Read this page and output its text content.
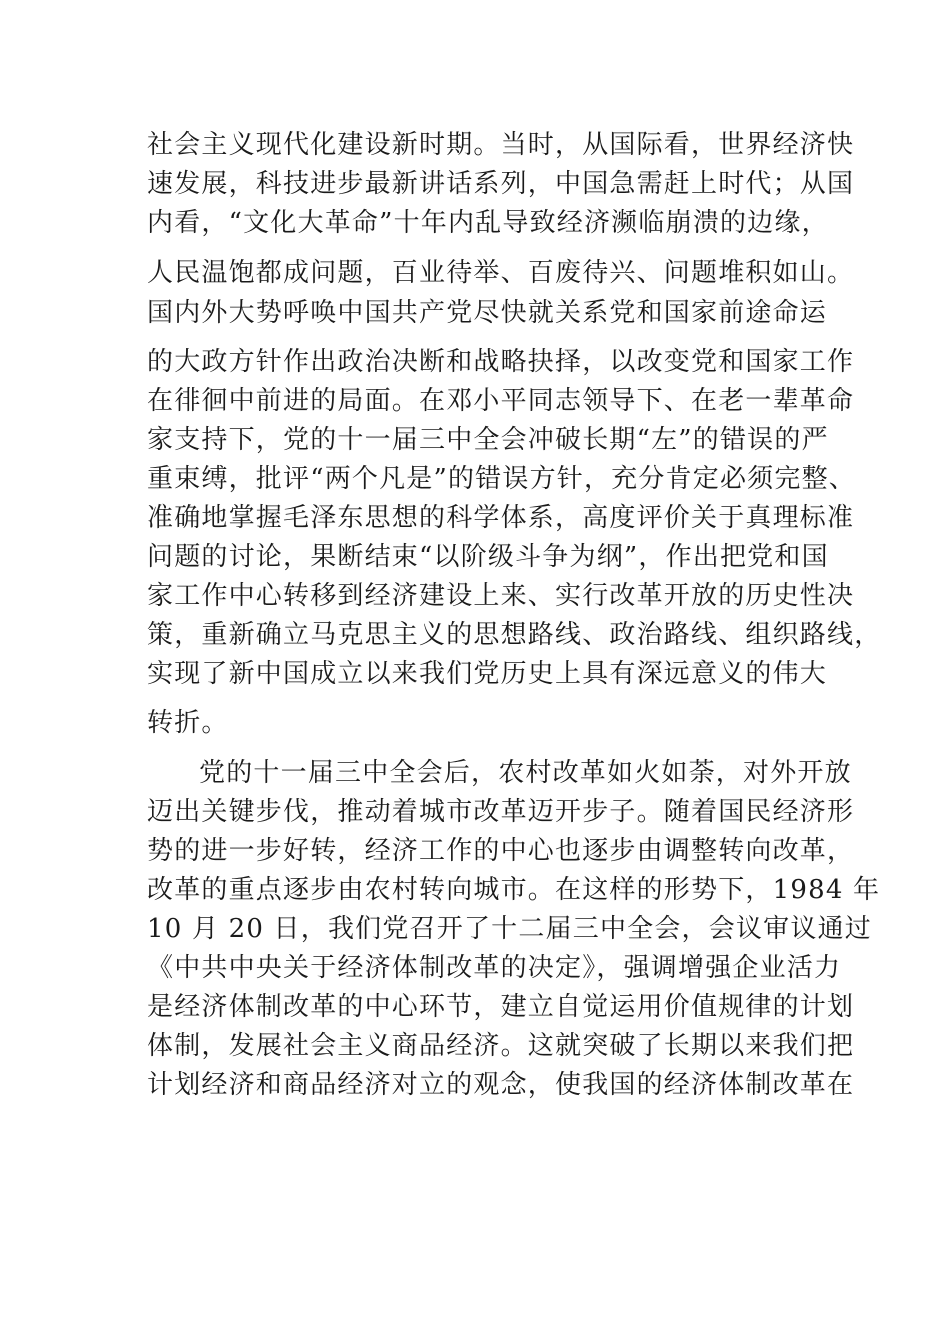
社会主义现代化建设新时期。当时，从国际看，世界经济快
速发展，科技进步最新讲话系列，中国急需赶上时代；从国
内看，“文化大革命”十年内乱导致经济濒临崩溃的边缘，
人民温饱都成问题，百业待举、百废待兴、问题堆积如山。
国内外大势呼唤中国共产党尽快就关系党和国家前途命运
的大政方针作出政治决断和战略抉择，以改变党和国家工作
在徘徊中前进的局面。在邓小平同志领导下、在老一辈革命
家支持下，党的十一届三中全会冲破长期“左”的错误的严
重束缚，批评“两个凡是”的错误方针，充分肯定必须完整、
准确地掌握毛泽东思想的科学体系，高度评价关于真理标准
问题的讨论，果断结束“以阶级斗争为纲”，作出把党和国
家工作中心转移到经济建设上来、实行改革开放的历史性决
策，重新确立马克思主义的思想路线、政治路线、组织路线，
实现了新中国成立以来我们党历史上具有深远意义的伟大
转折。
党的十一届三中全会后，农村改革如火如荼，对外开放
迈出关键步伐，推动着城市改革迈开步子。随着国民经济形
势的进一步好转，经济工作的中心也逐步由调整转向改革，
改革的重点逐步由农村转向城市。在这样的形势下，1984 年
10 月 20 日，我们党召开了十二届三中全会，会议审议通过
《中共中央关于经济体制改革的决定》，强调增强企业活力
是经济体制改革的中心环节，建立自觉运用价值规律的计划
体制，发展社会主义商品经济。这就突破了长期以来我们把
计划经济和商品经济对立的观念，使我国的经济体制改革在
